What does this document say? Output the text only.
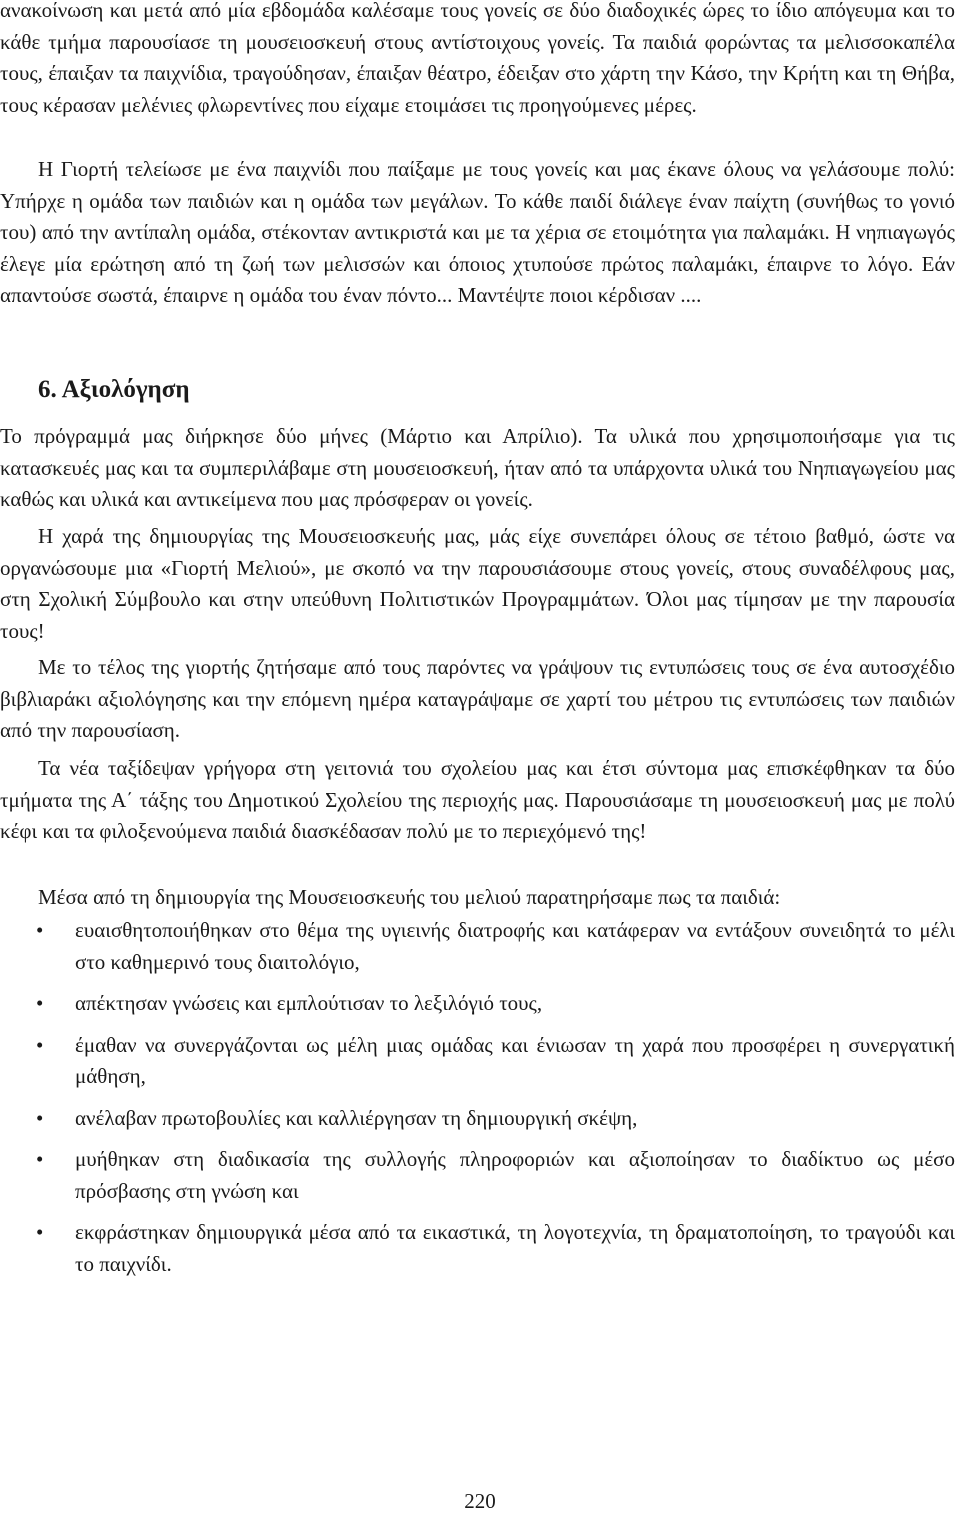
ανακοίνωση και μετά από μία εβδομάδα καλέσαμε τους γονείς σε δύο διαδοχικές ώρες το ίδιο απόγευμα και το κάθε τμήμα παρουσίασε τη μουσειοσκευή στους αντίστοιχους γονείς. Τα παιδιά φορώντας τα μελισσοκαπέλα τους, έπαιξαν τα παιχνίδια, τραγούδησαν, έπαιξαν θέατρο, έδειξαν στο χάρτη την Κάσο, την Κρήτη και τη Θήβα, τους κέρασαν μελένιες φλωρεντίνες που είχαμε ετοιμάσει τις προηγούμενες μέρες.

Η Γιορτή τελείωσε με ένα παιχνίδι που παίξαμε με τους γονείς και μας έκανε όλους να γελάσουμε πολύ: Υπήρχε η ομάδα των παιδιών και η ομάδα των μεγάλων. Το κάθε παιδί διάλεγε έναν παίχτη (συνήθως το γονιό του) από την αντίπαλη ομάδα, στέκονταν αντικριστά και με τα χέρια σε ετοιμότητα για παλαμάκι. Η νηπιαγωγός έλεγε μία ερώτηση από τη ζωή των μελισσών και όποιος χτυπούσε πρώτος παλαμάκι, έπαιρνε το λόγο. Εάν απαντούσε σωστά, έπαιρνε η ομάδα του έναν πόντο... Μαντέψτε ποιοι κέρδισαν ....

6. Αξιολόγηση

Το πρόγραμμά μας διήρκησε δύο μήνες (Μάρτιο και Απρίλιο). Τα υλικά που χρησιμοποιήσαμε για τις κατασκευές μας και τα συμπεριλάβαμε στη μουσειοσκευή, ήταν από τα υπάρχοντα υλικά του Νηπιαγωγείου μας καθώς και υλικά και αντικείμενα που μας πρόσφεραν οι γονείς.

Η χαρά της δημιουργίας της Μουσειοσκευής μας, μάς είχε συνεπάρει όλους σε τέτοιο βαθμό, ώστε να οργανώσουμε μια «Γιορτή Μελιού», με σκοπό να την παρουσιάσουμε στους γονείς, στους συναδέλφους μας, στη Σχολική Σύμβουλο και στην υπεύθυνη Πολιτιστικών Προγραμμάτων. Όλοι μας τίμησαν με την παρουσία τους!

Με το τέλος της γιορτής ζητήσαμε από τους παρόντες να γράψουν τις εντυπώσεις τους σε ένα αυτοσχέδιο βιβλιαράκι αξιολόγησης και την επόμενη ημέρα καταγράψαμε σε χαρτί του μέτρου τις εντυπώσεις των παιδιών από την παρουσίαση.

Τα νέα ταξίδεψαν γρήγορα στη γειτονιά του σχολείου μας και έτσι σύντομα μας επισκέφθηκαν τα δύο τμήματα της Α΄ τάξης του Δημοτικού Σχολείου της περιοχής μας. Παρουσιάσαμε τη μουσειοσκευή μας με πολύ κέφι και τα φιλοξενούμενα παιδιά διασκέδασαν πολύ με το περιεχόμενό της!

Μέσα από τη δημιουργία της Μουσειοσκευής του μελιού παρατηρήσαμε πως τα παιδιά:

• ευαισθητοποιήθηκαν στο θέμα της υγιεινής διατροφής και κατάφεραν να εντάξουν συνειδητά το μέλι στο καθημερινό τους διαιτολόγιο,
• απέκτησαν γνώσεις και εμπλούτισαν το λεξιλόγιό τους,
• έμαθαν να συνεργάζονται ως μέλη μιας ομάδας και ένιωσαν τη χαρά που προσφέρει η συνεργατική μάθηση,
• ανέλαβαν πρωτοβουλίες και καλλιέργησαν τη δημιουργική σκέψη,
• μυήθηκαν στη διαδικασία της συλλογής πληροφοριών και αξιοποίησαν το διαδίκτυο ως μέσο πρόσβασης στη γνώση και
• εκφράστηκαν δημιουργικά μέσα από τα εικαστικά, τη λογοτεχνία, τη δραματοποίηση, το τραγούδι και το παιχνίδι.
220
